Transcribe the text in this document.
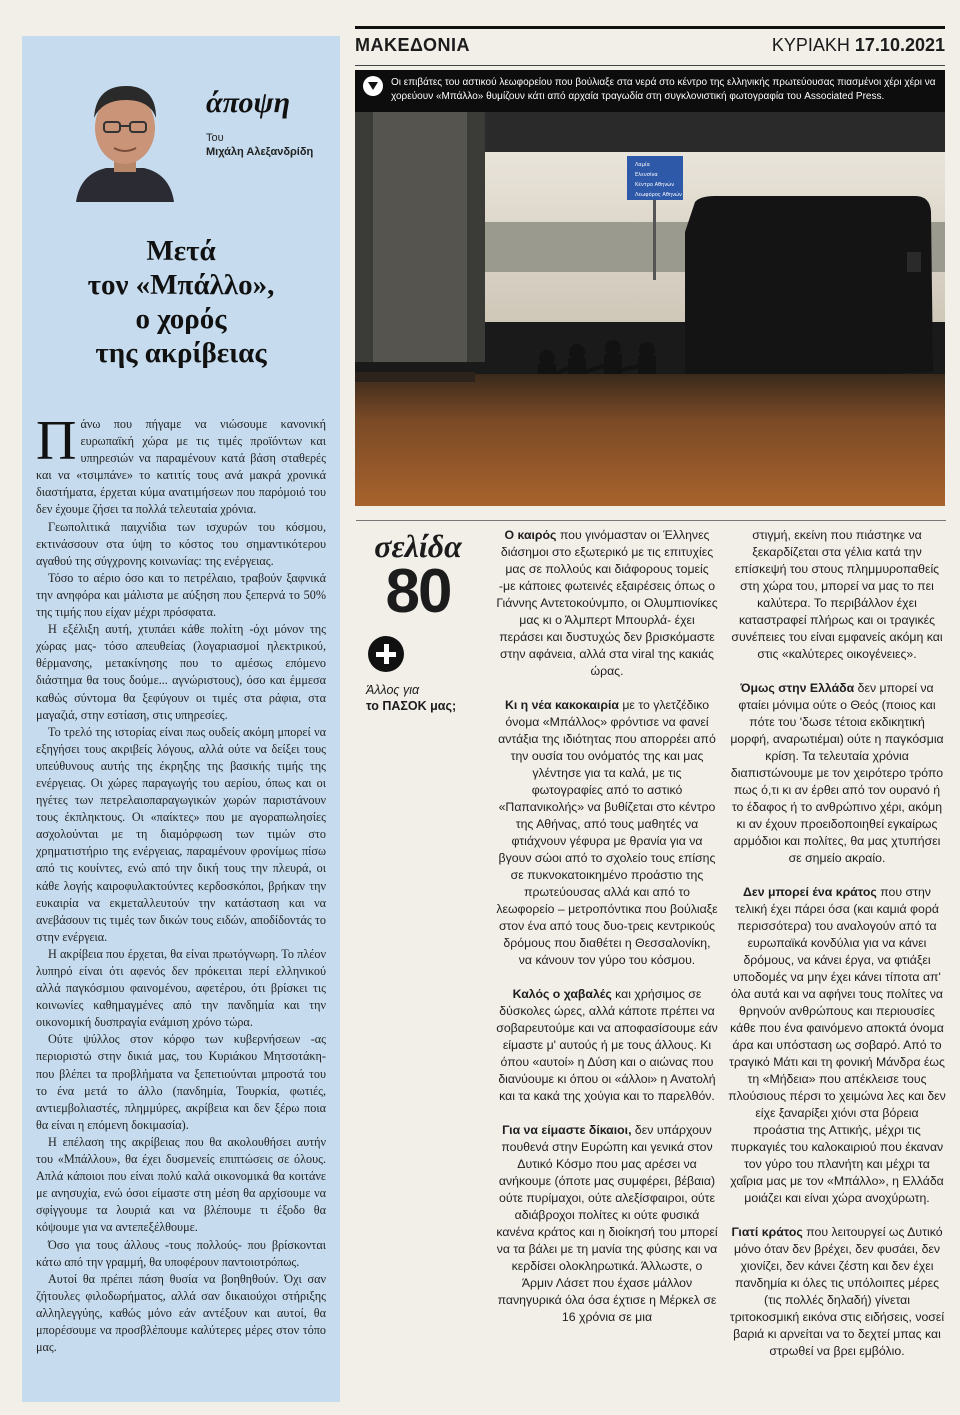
άποψη
Του
Μιχάλη Αλεξανδρίδη
Μετά
τον «Μπάλλο»,
ο χορός
της ακρίβειας

Πάνω που πήγαμε να νιώσουμε κανονική ευρωπαϊκή χώρα με τις τιμές προϊόντων και υπηρεσιών να παραμένουν κατά βάση σταθερές και να «τσιμπάνε» το κατιτίς τους ανά μακρά χρονικά διαστήματα, έρχεται κύμα ανατιμήσεων που παρόμοιό του δεν έχουμε ζήσει τα πολλά τελευταία χρόνια.

Γεωπολιτικά παιχνίδια των ισχυρών του κόσμου, εκτινάσσουν στα ύψη το κόστος του σημαντικότερου αγαθού της σύγχρονης κοινωνίας: της ενέργειας.

Τόσο το αέριο όσο και το πετρέλαιο, τραβούν ξαφνικά την ανηφόρα και μάλιστα με αύξηση που ξεπερνά το 50% της τιμής που είχαν μέχρι πρόσφατα.

Η εξέλιξη αυτή, χτυπάει κάθε πολίτη -όχι μόνον της χώρας μας- τόσο απευθείας (λογαριασμοί ηλεκτρικού, θέρμανσης, μετακίνησης που το αμέσως επόμενο διάστημα θα τους δούμε... αγνώριστους), όσο και έμμεσα καθώς σύντομα θα ξεφύγουν οι τιμές στα ράφια, στα μαγαζιά, στην εστίαση, στις υπηρεσίες.

Το τρελό της ιστορίας είναι πως ουδείς ακόμη μπορεί να εξηγήσει τους ακριβείς λόγους, αλλά ούτε να δείξει τους υπεύθυνους αυτής της έκρηξης της βασικής τιμής της ενέργειας. Οι χώρες παραγωγής του αερίου, όπως και οι ηγέτες των πετρελαιοπαραγωγικών χωρών παριστάνουν τους έκπληκτους. Οι «παίκτες» που με αγοραπωλησίες ασχολούνται με τη διαμόρφωση των τιμών στο χρηματιστήριο της ενέργειας, παραμένουν φρονίμως πίσω από τις κουίντες, ενώ από την δική τους την πλευρά, οι κάθε λογής καιροφυλακτούντες κερδοσκόποι, βρήκαν την ευκαιρία να εκμεταλλευτούν την κατάσταση και να ανεβάσουν τις τιμές των δικών τους ειδών, αποδίδοντάς το στην ενέργεια.

Η ακρίβεια που έρχεται, θα είναι πρωτόγνωρη. Το πλέον λυπηρό είναι ότι αφενός δεν πρόκειται περί ελληνικού αλλά παγκόσμιου φαινομένου, αφετέρου, ότι βρίσκει τις κοινωνίες καθημαγμένες από την πανδημία και την οικονομική δυσπραγία ενάμιση χρόνο τώρα.

Ούτε ψύλλος στον κόρφο των κυβερνήσεων -ας περιοριστώ στην δικιά μας, του Κυριάκου Μητσοτάκη- που βλέπει τα προβλήματα να ξεπετιούνται μπροστά του το ένα μετά το άλλο (πανδημία, Τουρκία, φωτιές, αντιεμβολιαστές, πλημμύρες, ακρίβεια και δεν ξέρω ποια θα είναι η επόμενη δοκιμασία).

Η επέλαση της ακρίβειας που θα ακολουθήσει αυτήν του «Μπάλλου», θα έχει δυσμενείς επιπτώσεις σε όλους. Απλά κάποιοι που είναι πολύ καλά οικονομικά θα κοιτάνε με ανησυχία, ενώ όσοι είμαστε στη μέση θα αρχίσουμε να σφίγγουμε τα λουριά και να βλέπουμε τι έξοδο θα κόψουμε για να αντεπεξέλθουμε.

Όσο για τους άλλους -τους πολλούς- που βρίσκονται κάτω από την γραμμή, θα υποφέρουν παντοιοτρόπως.

Αυτοί θα πρέπει πάση θυσία να βοηθηθούν. Όχι σαν ζήτουλες φιλοδωρήματος, αλλά σαν δικαιούχοι στήριξης αλληλεγγύης, καθώς μόνο εάν αντέξουν και αυτοί, θα μπορέσουμε να προσβλέπουμε καλύτερες μέρες στον τόπο μας.

ΜΑΚΕΔΟΝΙΑ	ΚΥΡΙΑΚΗ 17.10.2021
Οι επιβάτες του αστικού λεωφορείου που βούλιαξε στα νερά στο κέντρο της ελληνικής πρωτεύουσας πιασμένοι χέρι χέρι να χορεύουν «Μπάλλο» θυμίζουν κάτι από αρχαία τραγωδία στη συγκλονιστική φωτογραφία του Associated Press.
Λαμία
Ελευσίνα
Κέντρο Αθηνών
Λεωφόρος Αθηνών
σελίδα
80
Άλλος για
το ΠΑΣΟΚ μας;

Ο καιρός που γινόμασταν οι Έλληνες διάσημοι στο εξωτερικό με τις επιτυχίες μας σε πολλούς και διάφορους τομείς -με κάποιες φωτεινές εξαιρέσεις όπως ο Γιάννης Αντετοκούνμπο, οι Ολυμπιονίκες μας κι ο Άλμπερτ Μπουρλά- έχει περάσει και δυστυχώς δεν βρισκόμαστε στην αφάνεια, αλλά στα viral της κακιάς ώρας.

Κι η νέα κακοκαιρία με το γλετζέδικο όνομα «Μπάλλος» φρόντισε να φανεί αντάξια της ιδιότητας που απορρέει από την ουσία του ονόματός της και μας γλέντησε για τα καλά, με τις φωτογραφίες από το αστικό «Παπανικολής» να βυθίζεται στο κέντρο της Αθήνας, από τους μαθητές να φτιάχνουν γέφυρα με θρανία για να βγουν σώοι από το σχολείο τους επίσης σε πυκνοκατοικημένο προάστιο της πρωτεύουσας αλλά και από το λεωφορείο – μετροπόντικα που βούλιαξε στον ένα από τους δυο-τρεις κεντρικούς δρόμους που διαθέτει η Θεσσαλονίκη, να κάνουν τον γύρο του κόσμου.

Καλός ο χαβαλές και χρήσιμος σε δύσκολες ώρες, αλλά κάποτε πρέπει να σοβαρευτούμε και να αποφασίσουμε εάν είμαστε μ' αυτούς ή με τους άλλους. Κι όπου «αυτοί» η Δύση και ο αιώνας που διανύουμε κι όπου οι «άλλοι» η Ανατολή και τα κακά της χούγια και το παρελθόν.

Για να είμαστε δίκαιοι, δεν υπάρχουν πουθενά στην Ευρώπη και γενικά στον Δυτικό Κόσμο που μας αρέσει να ανήκουμε (όποτε μας συμφέρει, βέβαια) ούτε πυρίμαχοι, ούτε αλεξίσφαιροι, ούτε αδιάβροχοι πολίτες κι ούτε φυσικά κανένα κράτος και η διοίκησή του μπορεί να τα βάλει με τη μανία της φύσης και να κερδίσει ολοκληρωτικά. Άλλωστε, ο Άρμιν Λάσετ που έχασε μάλλον πανηγυρικά όλα όσα έχτισε η Μέρκελ σε 16 χρόνια σε μια

στιγμή, εκείνη που πιάστηκε να ξεκαρδίζεται στα γέλια κατά την επίσκεψή του στους πλημμυροπαθείς στη χώρα του, μπορεί να μας το πει καλύτερα. Το περιβάλλον έχει καταστραφεί πλήρως και οι τραγικές συνέπειες του είναι εμφανείς ακόμη και στις «καλύτερες οικογένειες».

Όμως στην Ελλάδα δεν μπορεί να φταίει μόνιμα ούτε ο Θεός (ποιος και πότε του 'δωσε τέτοια εκδικητική μορφή, αναρωτιέμαι) ούτε η παγκόσμια κρίση. Τα τελευταία χρόνια διαπιστώνουμε με τον χειρότερο τρόπο πως ό,τι κι αν έρθει από τον ουρανό ή το έδαφος ή το ανθρώπινο χέρι, ακόμη κι αν έχουν προειδοποιηθεί εγκαίρως αρμόδιοι και πολίτες, θα μας χτυπήσει σε σημείο ακραίο.

Δεν μπορεί ένα κράτος που στην τελική έχει πάρει όσα (και καμιά φορά περισσότερα) του αναλογούν από τα ευρωπαϊκά κονδύλια για να κάνει δρόμους, να κάνει έργα, να φτιάξει υποδομές να μην έχει κάνει τίποτα απ' όλα αυτά και να αφήνει τους πολίτες να θρηνούν ανθρώπους και περιουσίες κάθε που ένα φαινόμενο αποκτά όνομα άρα και υπόσταση ως σοβαρό. Από το τραγικό Μάτι και τη φονική Μάνδρα έως τη «Μήδεια» που απέκλεισε τους πλούσιους πέρσι το χειμώνα λες και δεν είχε ξαναρίξει χιόνι στα βόρεια προάστια της Αττικής, μέχρι τις πυρκαγιές του καλοκαιριού που έκαναν τον γύρο του πλανήτη και μέχρι τα χαΐρια μας με τον «Μπάλλο», η Ελλάδα μοιάζει και είναι χώρα ανοχύρωτη.

Γιατί κράτος που λειτουργεί ως Δυτικό μόνο όταν δεν βρέχει, δεν φυσάει, δεν χιονίζει, δεν κάνει ζέστη και δεν έχει πανδημία κι όλες τις υπόλοιπες μέρες (τις πολλές δηλαδή) γίνεται τριτοκοσμική εικόνα στις ειδήσεις, νοσεί βαριά κι αρνείται να το δεχτεί μπας και στρωθεί να βρει εμβόλιο.
